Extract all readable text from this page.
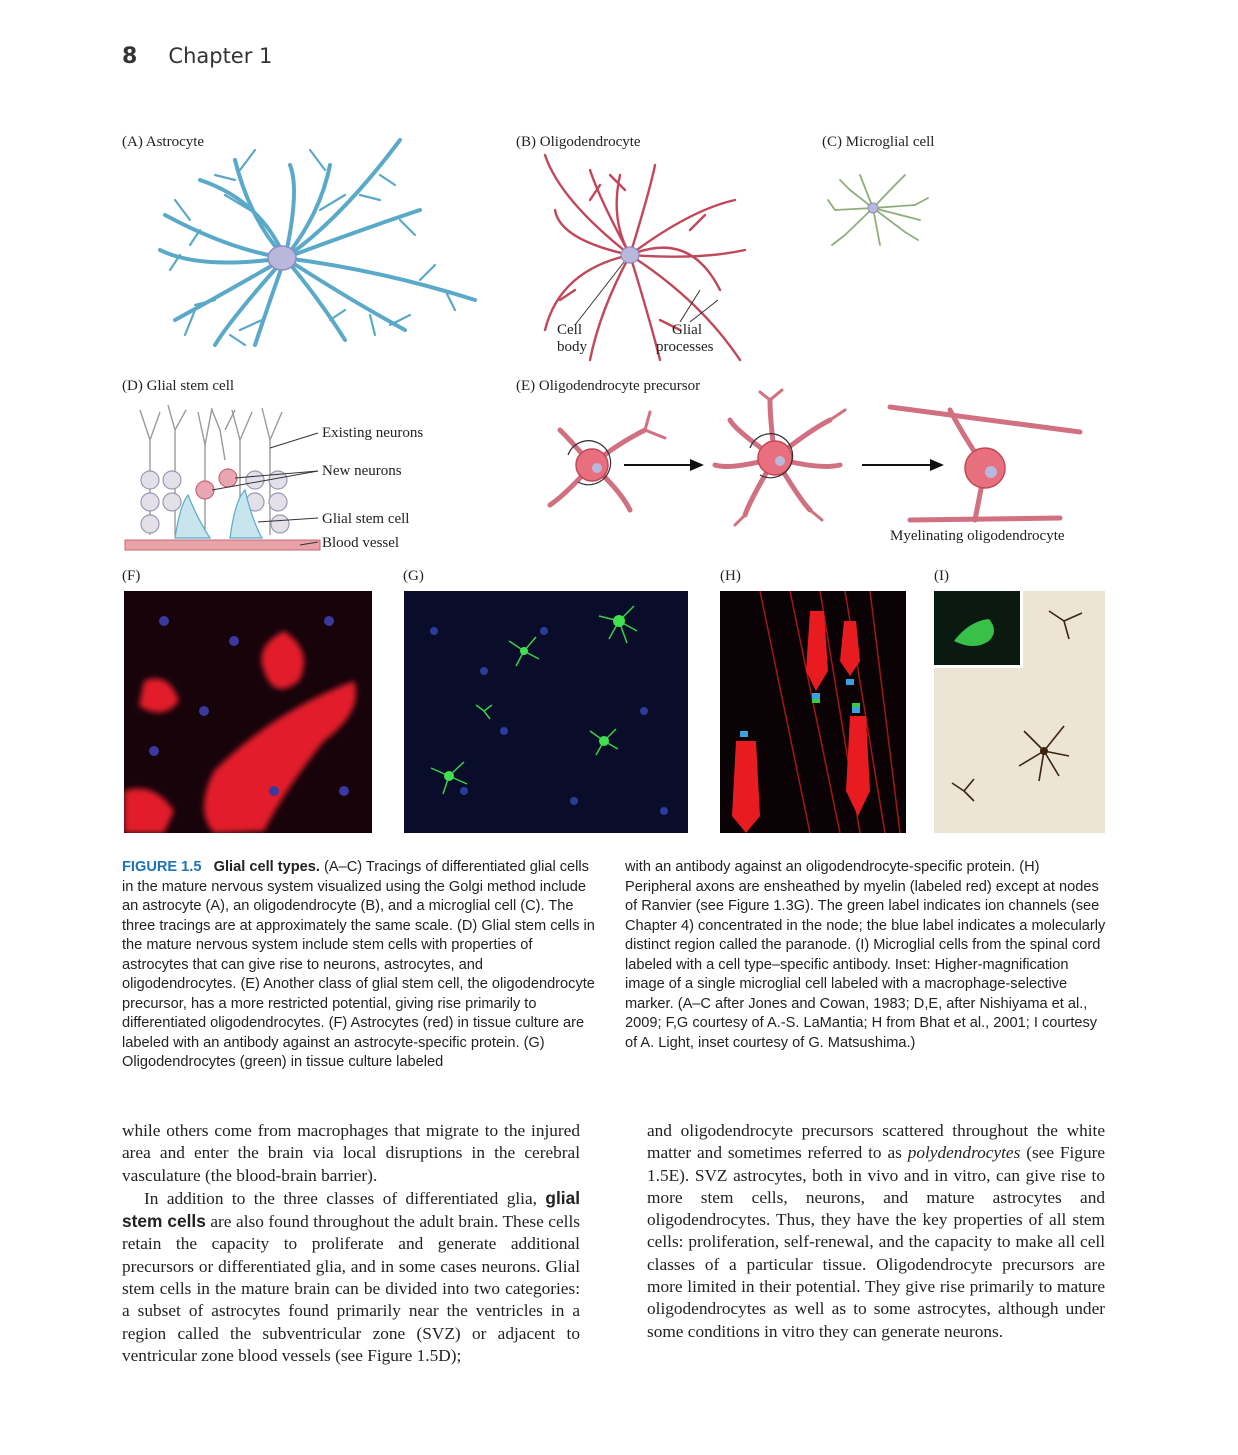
8 Chapter 1
(A) Astrocyte	(B) Oligodendrocyte	(C) Microglial cell
(D) Glial stem cell	(E) Oligodendrocyte precursor
(F)	(G)	(H)	(I)
Cell
body
Glial
processes
Existing neurons
New neurons
Glial stem cell
Blood vessel	Myelinating oligodendrocyte
FIGURE 1.5 Glial cell types. (A–C) Tracings of differentiated glial cells in the mature nervous system visualized using the Golgi method include an astrocyte (A), an oligodendrocyte (B), and a microglial cell (C). The three tracings are at approximately the same scale. (D) Glial stem cells in the mature nervous system include stem cells with properties of astrocytes that can give rise to neurons, astrocytes, and oligodendrocytes. (E) Another class of glial stem cell, the oligodendrocyte precursor, has a more restricted potential, giving rise primarily to differentiated oligodendrocytes. (F) Astrocytes (red) in tissue culture are labeled with an antibody against an astrocyte-specific protein. (G) Oligodendrocytes (green) in tissue culture labeled
with an antibody against an oligodendrocyte-specific protein. (H) Peripheral axons are ensheathed by myelin (labeled red) except at nodes of Ranvier (see Figure 1.3G). The green label indicates ion channels (see Chapter 4) concentrated in the node; the blue label indicates a molecularly distinct region called the paranode. (I) Microglial cells from the spinal cord labeled with a cell type–specific antibody. Inset: Higher-magnification image of a single microglial cell labeled with a macrophage-selective marker. (A–C after Jones and Cowan, 1983; D,E, after Nishiyama et al., 2009; F,G courtesy of A.-S. LaMantia; H from Bhat et al., 2001; I courtesy of A. Light, inset courtesy of G. Matsushima.)

while others come from macrophages that migrate to the injured area and enter the brain via local disruptions in the cerebral vasculature (the blood-brain barrier).

In addition to the three classes of differentiated glia, glial stem cells are also found throughout the adult brain. These cells retain the capacity to proliferate and generate additional precursors or differentiated glia, and in some cases neurons. Glial stem cells in the mature brain can be divided into two categories: a subset of astrocytes found primarily near the ventricles in a region called the subventricular zone (SVZ) or adjacent to ventricular zone blood vessels (see Figure 1.5D);

and oligodendrocyte precursors scattered throughout the white matter and sometimes referred to as polydendrocytes (see Figure 1.5E). SVZ astrocytes, both in vivo and in vitro, can give rise to more stem cells, neurons, and mature astrocytes and oligodendrocytes. Thus, they have the key properties of all stem cells: proliferation, self-renewal, and the capacity to make all cell classes of a particular tissue. Oligodendrocyte precursors are more limited in their potential. They give rise primarily to mature oligodendrocytes as well as to some astrocytes, although under some conditions in vitro they can generate neurons.
